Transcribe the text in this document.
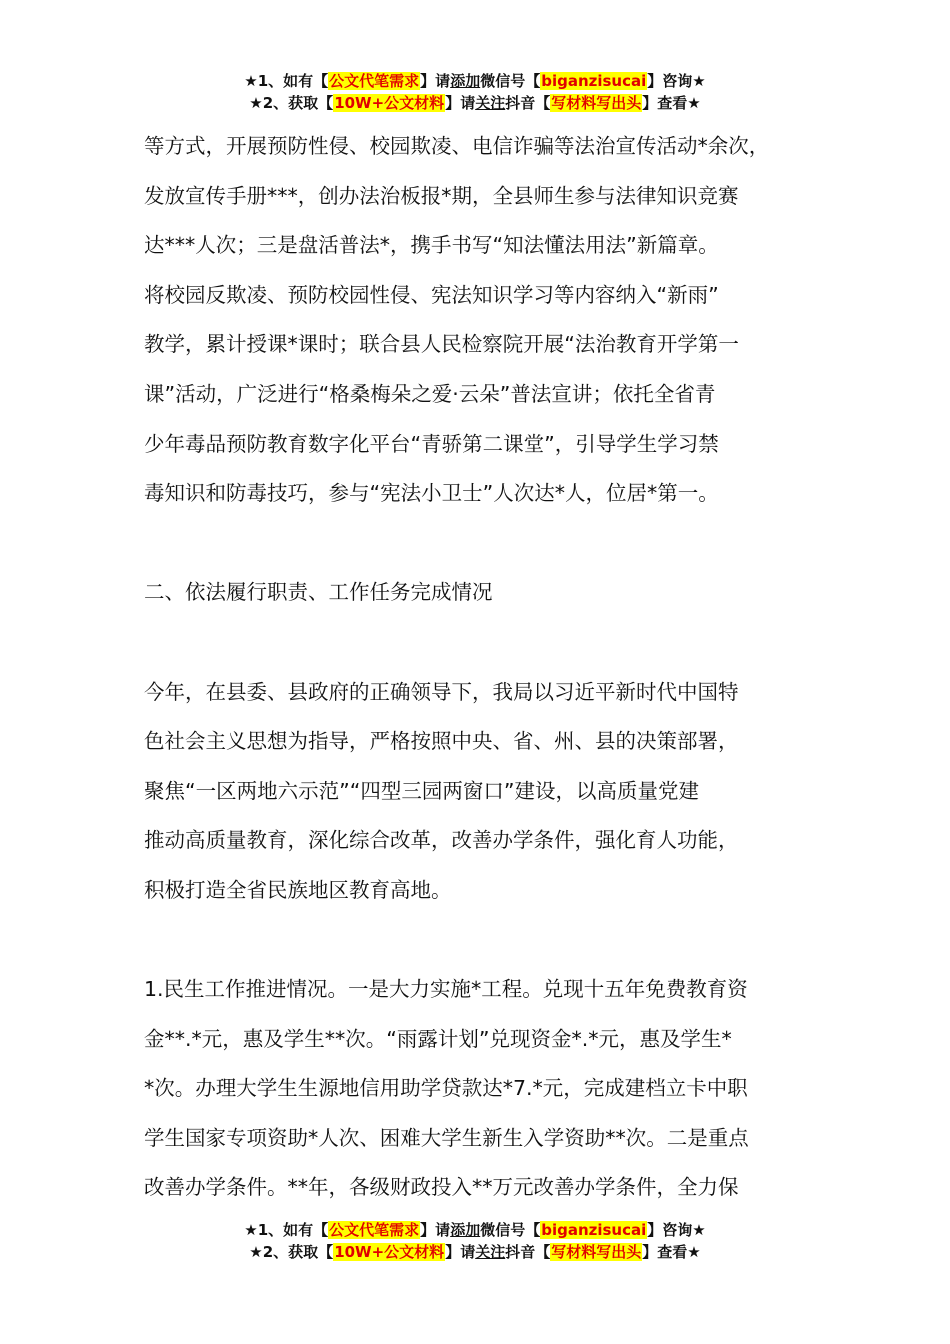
★1、如有【公文代笔需求】请添加微信号【biganzisucai】咨询★
★2、获取【10W+公文材料】请关注抖音【写材料写出头】查看★

等方式，开展预防性侵、校园欺凌、电信诈骗等法治宣传活动*余次，

发放宣传手册***，创办法治板报*期，全县师生参与法律知识竞赛

达***人次；三是盘活普法*，携手书写“知法懂法用法”新篇章。

将校园反欺凌、预防校园性侵、宪法知识学习等内容纳入“新雨”

教学，累计授课*课时；联合县人民检察院开展“法治教育开学第一

课”活动，广泛进行“格桑梅朵之爱·云朵”普法宣讲；依托全省青

少年毒品预防教育数字化平台“青骄第二课堂”，引导学生学习禁

毒知识和防毒技巧，参与“宪法小卫士”人次达*人，位居*第一。

二、依法履行职责、工作任务完成情况

今年，在县委、县政府的正确领导下，我局以习近平新时代中国特

色社会主义思想为指导，严格按照中央、省、州、县的决策部署，

聚焦“一区两地六示范”“四型三园两窗口”建设，以高质量党建

推动高质量教育，深化综合改革，改善办学条件，强化育人功能，

积极打造全省民族地区教育高地。

1.民生工作推进情况。一是大力实施*工程。兑现十五年免费教育资

金**.*元，惠及学生**次。“雨露计划”兑现资金*.*元，惠及学生*

*次。办理大学生生源地信用助学贷款达*7.*元，完成建档立卡中职

学生国家专项资助*人次、困难大学生新生入学资助**次。二是重点

改善办学条件。**年，各级财政投入**万元改善办学条件，全力保

★1、如有【公文代笔需求】请添加微信号【biganzisucai】咨询★
★2、获取【10W+公文材料】请关注抖音【写材料写出头】查看★
